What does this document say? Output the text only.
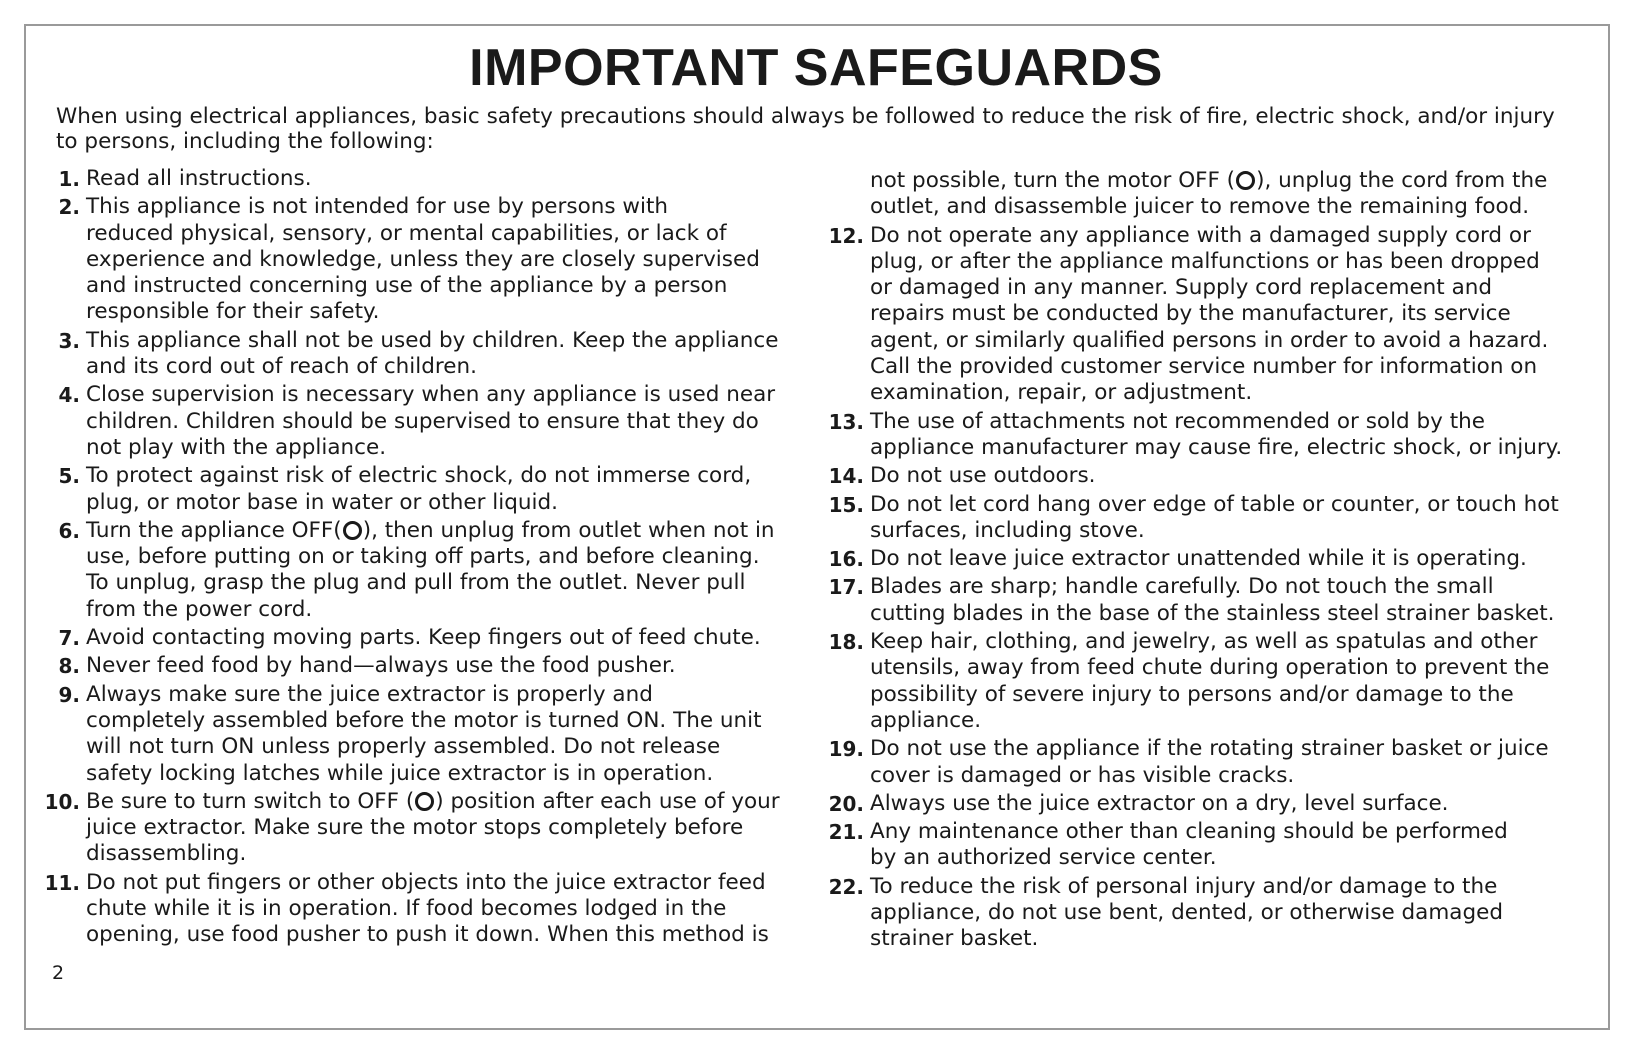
IMPORTANT SAFEGUARDS
When using electrical appliances, basic safety precautions should always be followed to reduce the risk of fire, electric shock, and/or injury
to persons, including the following:
1. Read all instructions.
2. This appliance is not intended for use by persons with
reduced physical, sensory, or mental capabilities, or lack of
experience and knowledge, unless they are closely supervised
and instructed concerning use of the appliance by a person
responsible for their safety.
3. This appliance shall not be used by children. Keep the appliance
and its cord out of reach of children.
4. Close supervision is necessary when any appliance is used near
children. Children should be supervised to ensure that they do
not play with the appliance.
5. To protect against risk of electric shock, do not immerse cord,
plug, or motor base in water or other liquid.
6. Turn the appliance OFF( ), then unplug from outlet when not in
use, before putting on or taking off parts, and before cleaning.
To unplug, grasp the plug and pull from the outlet. Never pull
from the power cord.
7. Avoid contacting moving parts. Keep fingers out of feed chute.
8. Never feed food by hand—always use the food pusher.
9. Always make sure the juice extractor is properly and
completely assembled before the motor is turned ON. The unit
will not turn ON unless properly assembled. Do not release
safety locking latches while juice extractor is in operation.
10. Be sure to turn switch to OFF ( ) position after each use of your
juice extractor. Make sure the motor stops completely before
disassembling.
11. Do not put fingers or other objects into the juice extractor feed
chute while it is in operation. If food becomes lodged in the
opening, use food pusher to push it down. When this method is
not possible, turn the motor OFF ( ), unplug the cord from the
outlet, and disassemble juicer to remove the remaining food.
12. Do not operate any appliance with a damaged supply cord or
plug, or after the appliance malfunctions or has been dropped
or damaged in any manner. Supply cord replacement and
repairs must be conducted by the manufacturer, its service
agent, or similarly qualified persons in order to avoid a hazard.
Call the provided customer service number for information on
examination, repair, or adjustment.
13. The use of attachments not recommended or sold by the
appliance manufacturer may cause fire, electric shock, or injury.
14. Do not use outdoors.
15. Do not let cord hang over edge of table or counter, or touch hot
surfaces, including stove.
16. Do not leave juice extractor unattended while it is operating.
17. Blades are sharp; handle carefully. Do not touch the small
cutting blades in the base of the stainless steel strainer basket.
18. Keep hair, clothing, and jewelry, as well as spatulas and other
utensils, away from feed chute during operation to prevent the
possibility of severe injury to persons and/or damage to the
appliance.
19. Do not use the appliance if the rotating strainer basket or juice
cover is damaged or has visible cracks.
20. Always use the juice extractor on a dry, level surface.
21. Any maintenance other than cleaning should be performed
by an authorized service center.
22. To reduce the risk of personal injury and/or damage to the
appliance, do not use bent, dented, or otherwise damaged
strainer basket.
2
